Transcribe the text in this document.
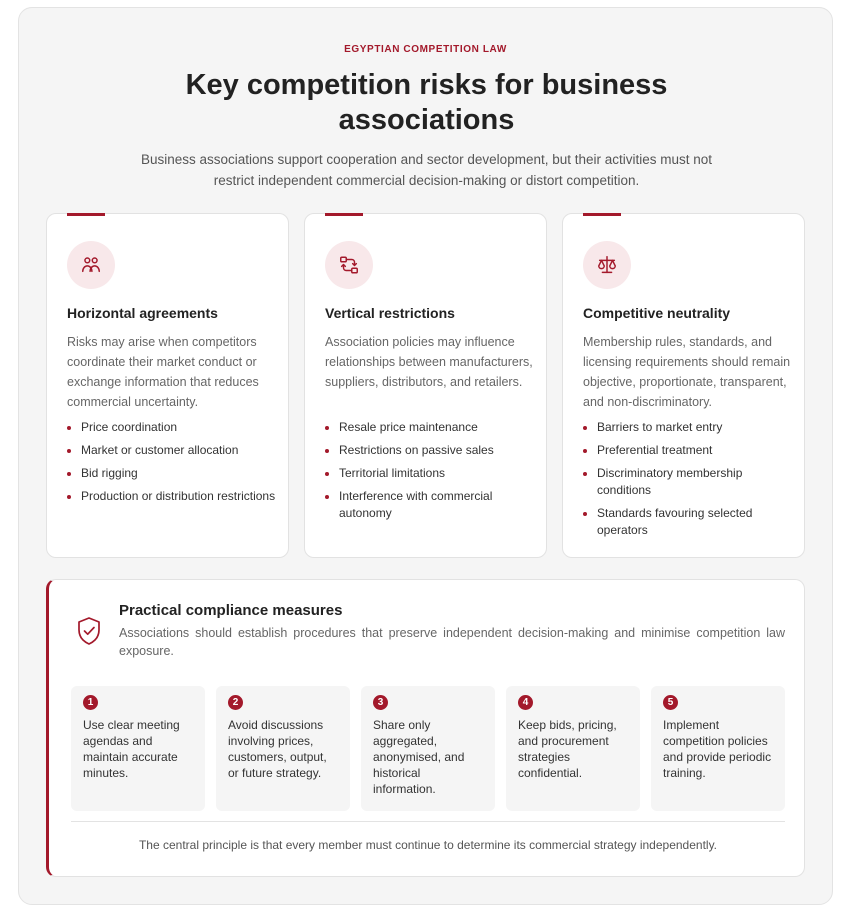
EGYPTIAN COMPETITION LAW
Key competition risks for business associations

Business associations support cooperation and sector development, but their activities must not restrict independent commercial decision-making or distort competition.

Horizontal agreements

Risks may arise when competitors coordinate their market conduct or exchange information that reduces commercial uncertainty.

Price coordination
Market or customer allocation
Bid rigging
Production or distribution restrictions
Vertical restrictions

Association policies may influence relationships between manufacturers, suppliers, distributors, and retailers.

Resale price maintenance
Restrictions on passive sales
Territorial limitations
Interference with commercial autonomy
Competitive neutrality

Membership rules, standards, and licensing requirements should remain objective, proportionate, transparent, and non-discriminatory.

Barriers to market entry
Preferential treatment
Discriminatory membership conditions
Standards favouring selected operators
Practical compliance measures

Associations should establish procedures that preserve independent decision-making and minimise competition law exposure.

1
Use clear meeting agendas and maintain accurate minutes.
2
Avoid discussions involving prices, customers, output, or future strategy.
3
Share only aggregated, anonymised, and historical information.
4
Keep bids, pricing, and procurement strategies confidential.
5
Implement competition policies and provide periodic training.

The central principle is that every member must continue to determine its commercial strategy independently.
